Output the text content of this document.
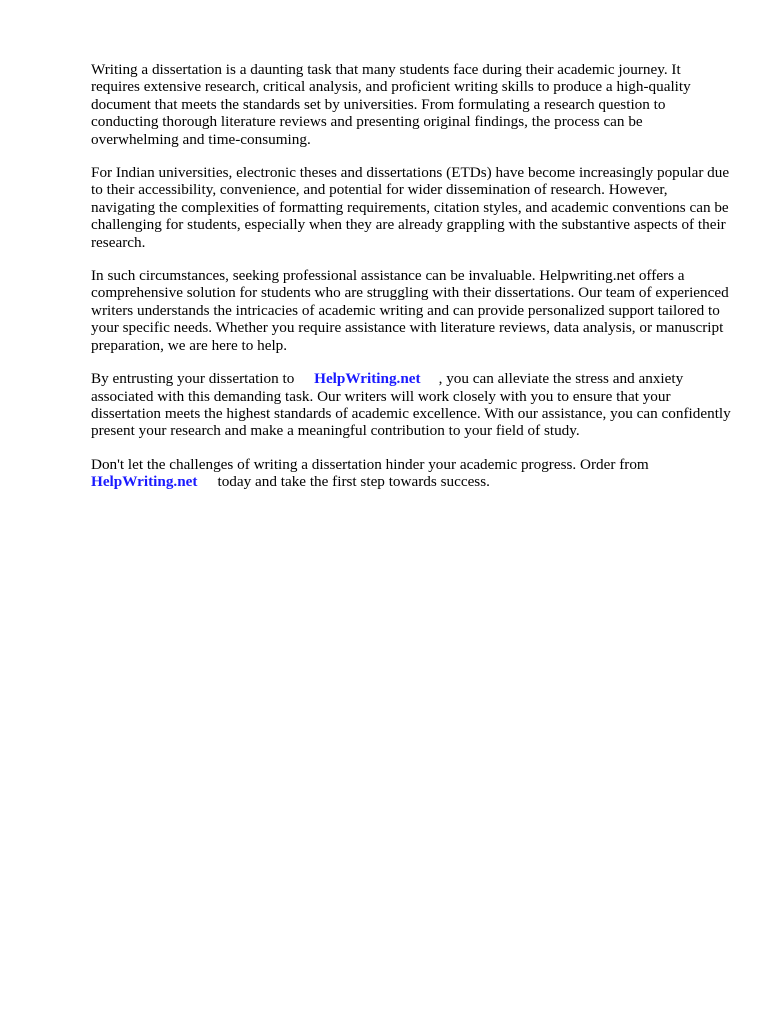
Writing a dissertation is a daunting task that many students face during their academic journey. It requires extensive research, critical analysis, and proficient writing skills to produce a high-quality document that meets the standards set by universities. From formulating a research question to conducting thorough literature reviews and presenting original findings, the process can be overwhelming and time-consuming.

For Indian universities, electronic theses and dissertations (ETDs) have become increasingly popular due to their accessibility, convenience, and potential for wider dissemination of research. However, navigating the complexities of formatting requirements, citation styles, and academic conventions can be challenging for students, especially when they are already grappling with the substantive aspects of their research.

In such circumstances, seeking professional assistance can be invaluable. Helpwriting.net offers a comprehensive solution for students who are struggling with their dissertations. Our team of experienced writers understands the intricacies of academic writing and can provide personalized support tailored to your specific needs. Whether you require assistance with literature reviews, data analysis, or manuscript preparation, we are here to help.

By entrusting your dissertation to HelpWriting.net , you can alleviate the stress and anxiety associated with this demanding task. Our writers will work closely with you to ensure that your dissertation meets the highest standards of academic excellence. With our assistance, you can confidently present your research and make a meaningful contribution to your field of study.

Don't let the challenges of writing a dissertation hinder your academic progress. Order from
HelpWriting.net today and take the first step towards success.
